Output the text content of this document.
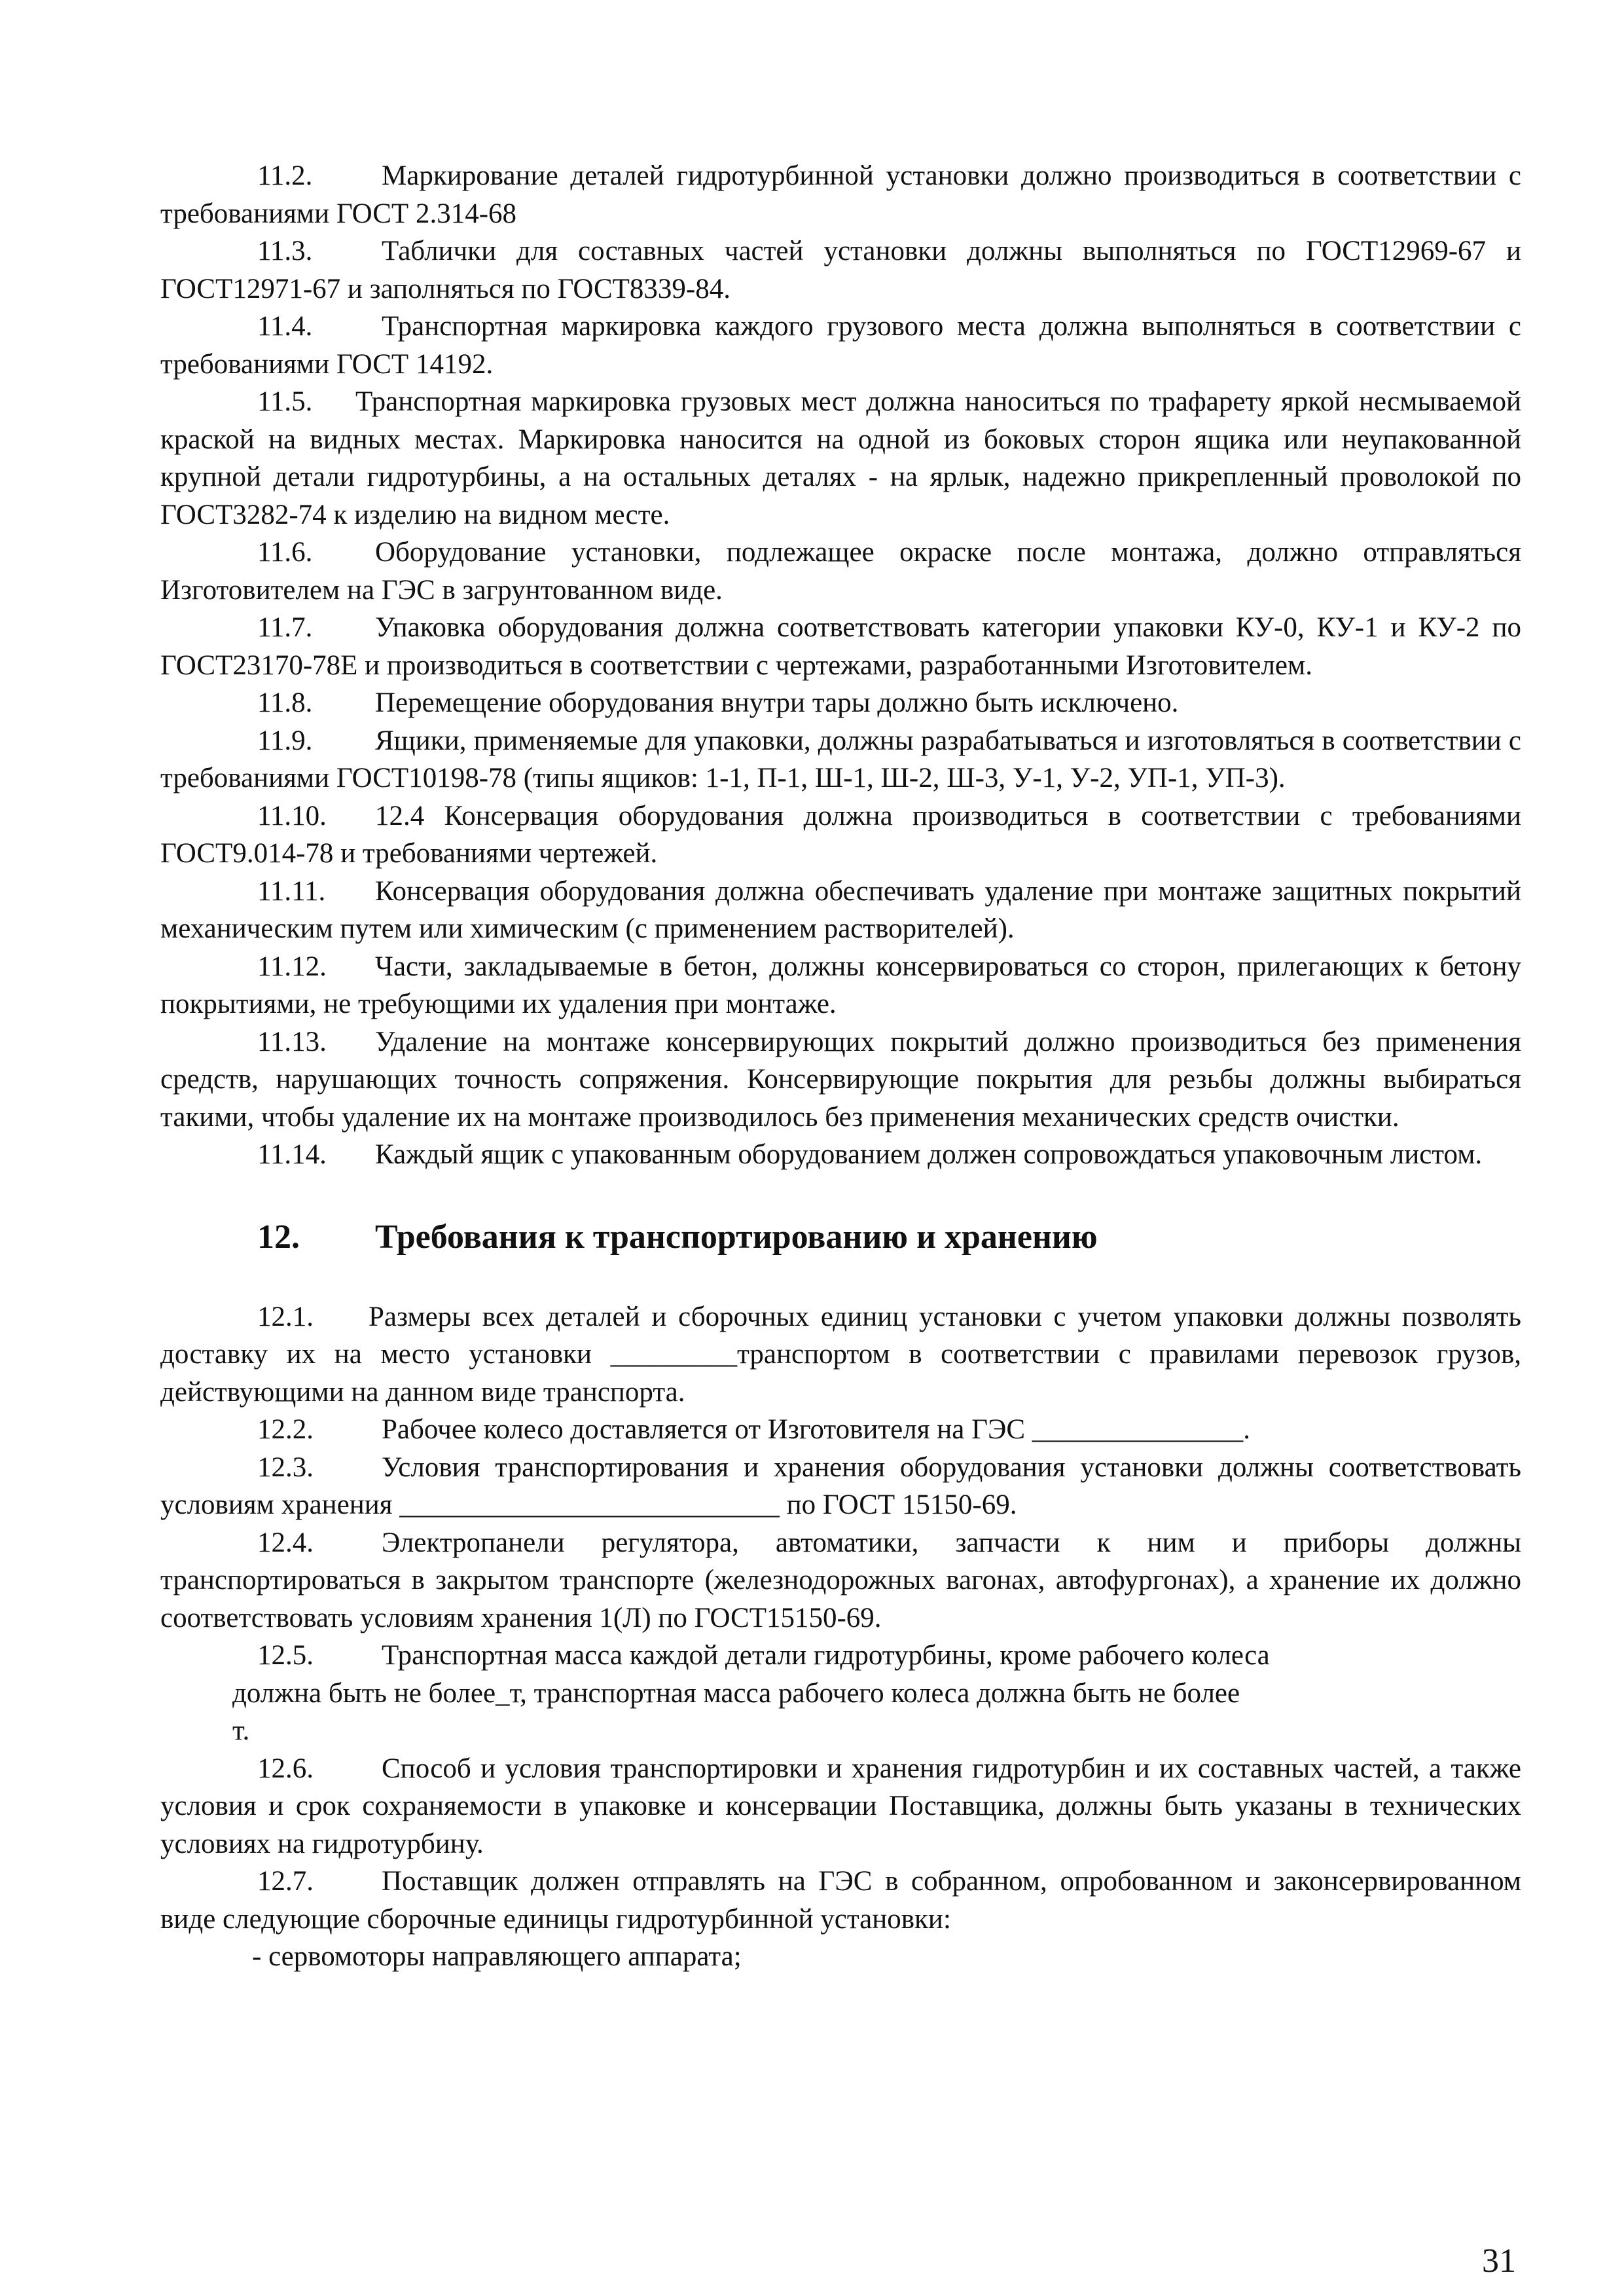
11.2. Маркирование деталей гидротурбинной установки должно производиться в соответствии с требованиями ГОСТ 2.314-68

11.3. Таблички для составных частей установки должны выполняться по ГОСТ12969-67 и ГОСТ12971-67 и заполняться по ГОСТ8339-84.

11.4. Транспортная маркировка каждого грузового места должна выполняться в соответствии с требованиями ГОСТ 14192.

11.5. Транспортная маркировка грузовых мест должна наноситься по трафарету яркой несмываемой краской на видных местах. Маркировка наносится на одной из боковых сторон ящика или неупакованной крупной детали гидротурбины, а на остальных деталях - на ярлык, надежно прикрепленный проволокой по ГОСТ3282-74 к изделию на видном месте.

11.6. Оборудование установки, подлежащее окраске после монтажа, должно отправляться Изготовителем на ГЭС в загрунтованном виде.

11.7. Упаковка оборудования должна соответствовать категории упаковки КУ-0, КУ-1 и КУ-2 по ГОСТ23170-78Е и производиться в соответствии с чертежами, разработанными Изготовителем.

11.8. Перемещение оборудования внутри тары должно быть исключено.

11.9. Ящики, применяемые для упаковки, должны разрабатываться и изготовляться в соответствии с требованиями ГОСТ10198-78 (типы ящиков: 1-1, П-1, Ш-1, Ш-2, Ш-3, У-1, У-2, УП-1, УП-3).

11.10. 12.4 Консервация оборудования должна производиться в соответствии с требованиями ГОСТ9.014-78 и требованиями чертежей.

11.11. Консервация оборудования должна обеспечивать удаление при монтаже защитных покрытий механическим путем или химическим (с применением растворителей).

11.12. Части, закладываемые в бетон, должны консервироваться со сторон, прилегающих к бетону покрытиями, не требующими их удаления при монтаже.

11.13. Удаление на монтаже консервирующих покрытий должно производиться без применения средств, нарушающих точность сопряжения. Консервирующие покрытия для резьбы должны выбираться такими, чтобы удаление их на монтаже производилось без применения механических средств очистки.

11.14. Каждый ящик с упакованным оборудованием должен сопровождаться упаковочным листом.

12. Требования к транспортированию и хранению

12.1. Размеры всех деталей и сборочных единиц установки с учетом упаковки должны позволять доставку их на место установки _________транспортом в соответствии с правилами перевозок грузов, действующими на данном виде транспорта.

12.2. Рабочее колесо доставляется от Изготовителя на ГЭС _______________.

12.3. Условия транспортирования и хранения оборудования установки должны соответствовать условиям хранения ___________________________ по ГОСТ 15150-69.

12.4. Электропанели регулятора, автоматики, запчасти к ним и приборы должны транспортироваться в закрытом транспорте (железнодорожных вагонах, автофургонах), а хранение их должно соответствовать условиям хранения 1(Л) по ГОСТ15150-69.

12.5. Транспортная масса каждой детали гидротурбины, кроме рабочего колеса
должна быть не более_т, транспортная масса рабочего колеса должна быть не более
т.

12.6. Способ и условия транспортировки и хранения гидротурбин и их составных частей, а также условия и срок сохраняемости в упаковке и консервации Поставщика, должны быть указаны в технических условиях на гидротурбину.

12.7. Поставщик должен отправлять на ГЭС в собранном, опробованном и законсервированном виде следующие сборочные единицы гидротурбинной установки:

- сервомоторы направляющего аппарата;

31
